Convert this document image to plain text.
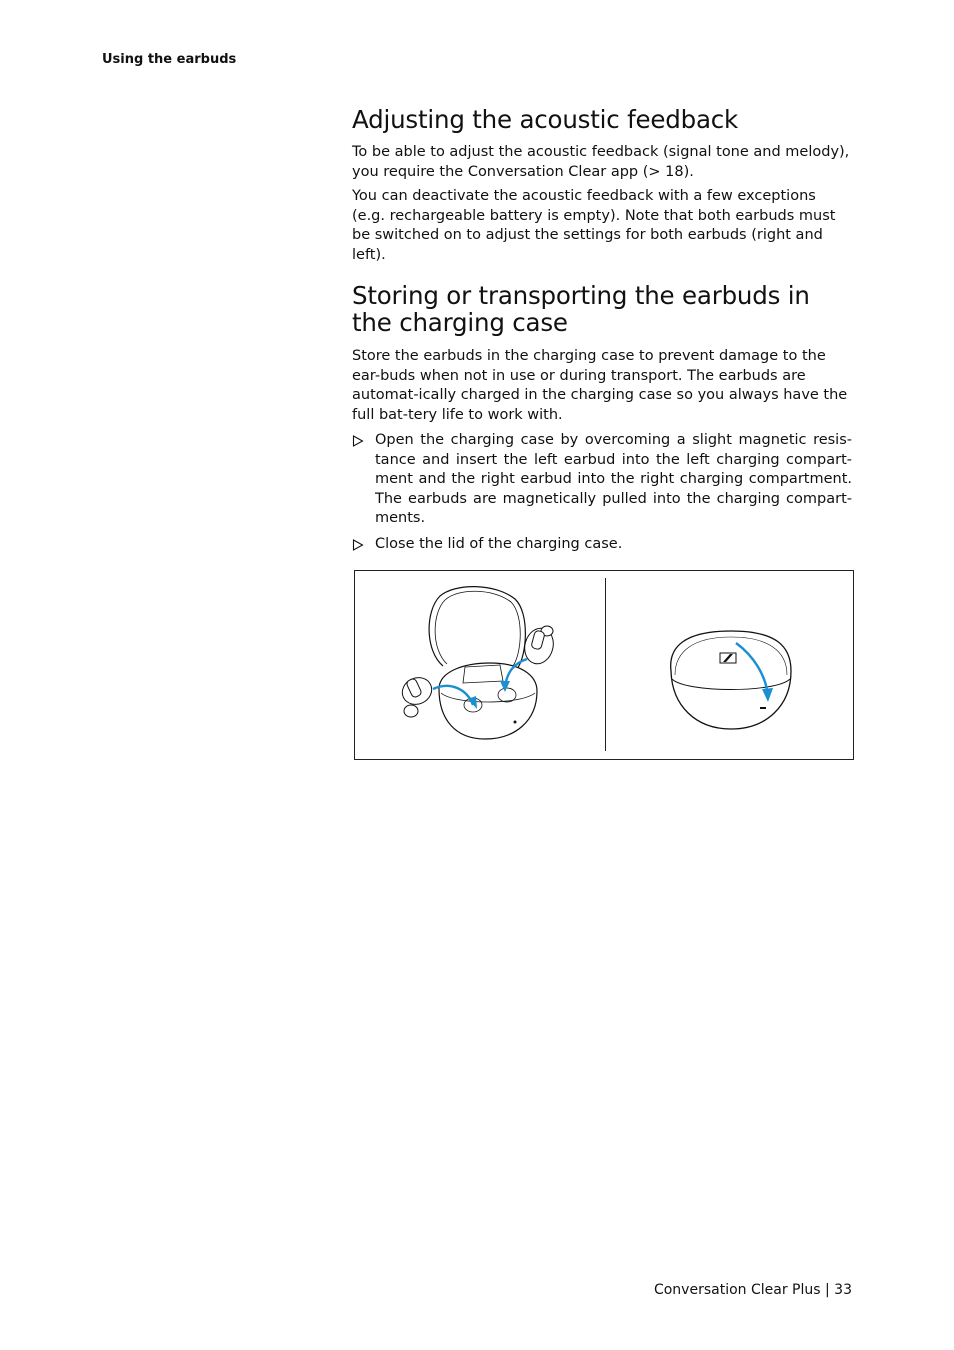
Using the earbuds
Adjusting the acoustic feedback

To be able to adjust the acoustic feedback (signal tone and melody), you require the Conversation Clear app (> 18).

You can deactivate the acoustic feedback with a few exceptions (e.g. rechargeable battery is empty). Note that both earbuds must be switched on to adjust the settings for both earbuds (right and left).

Storing or transporting the earbuds in the charging case

Store the earbuds in the charging case to prevent damage to the ear-buds when not in use or during transport. The earbuds are automat-ically charged in the charging case so you always have the full bat-tery life to work with.

Open the charging case by overcoming a slight magnetic resis-tance and insert the left earbud into the left charging compart-ment and the right earbud into the right charging compartment. The earbuds are magnetically pulled into the charging compart-ments.
Close the lid of the charging case.
Conversation Clear Plus | 33
